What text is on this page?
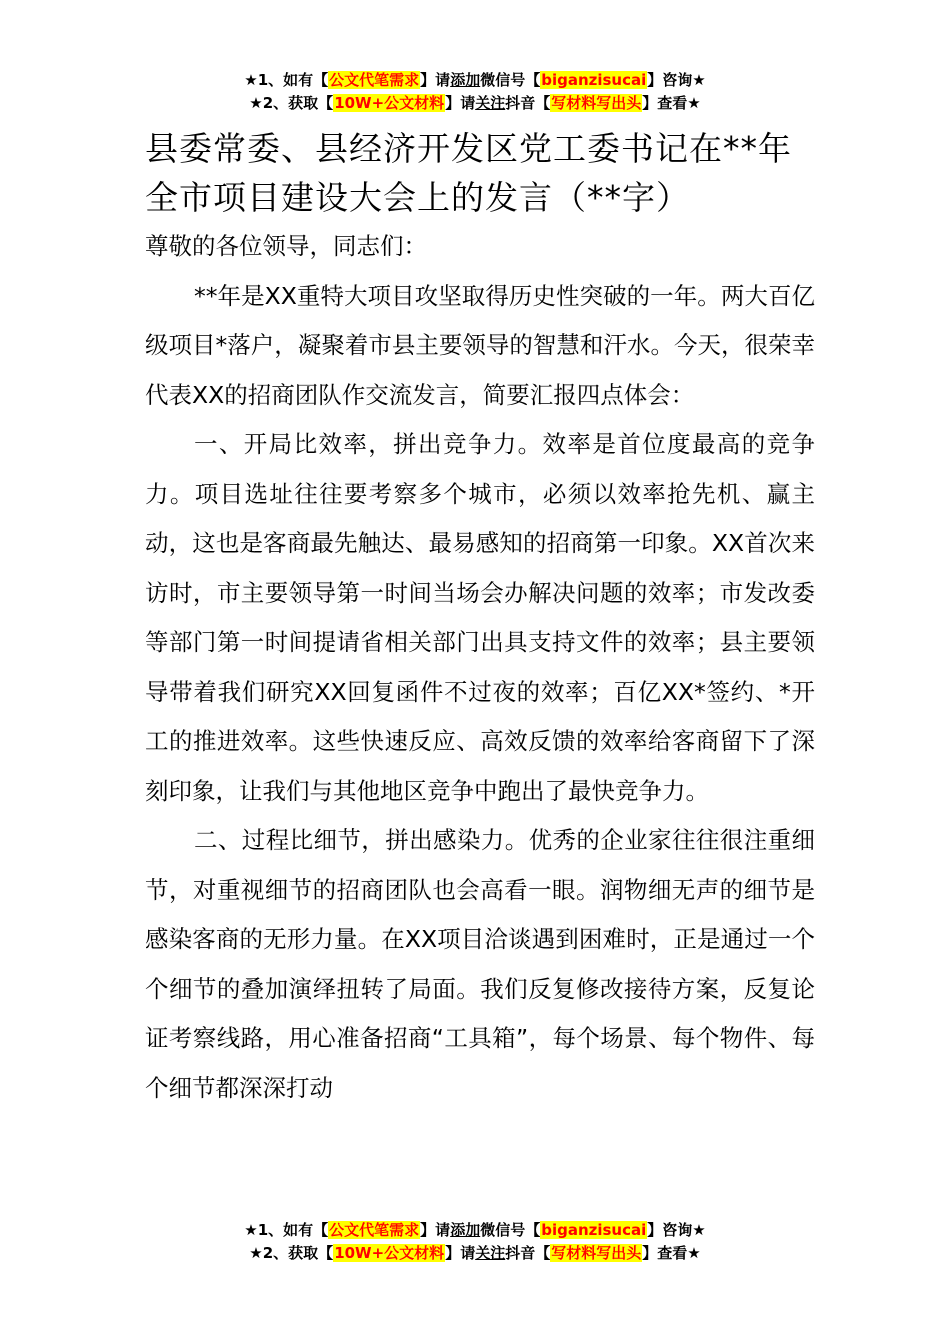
★1、如有【公文代笔需求】请添加微信号【biganzisucai】咨询★
★2、获取【10W+公文材料】请关注抖音【写材料写出头】查看★
县委常委、县经济开发区党工委书记在**年全市项目建设大会上的发言（**字）

尊敬的各位领导，同志们：

**年是XX重特大项目攻坚取得历史性突破的一年。两大百亿级项目*落户，凝聚着市县主要领导的智慧和汗水。今天，很荣幸代表XX的招商团队作交流发言，简要汇报四点体会：

一、开局比效率，拼出竞争力。效率是首位度最高的竞争力。项目选址往往要考察多个城市，必须以效率抢先机、赢主动，这也是客商最先触达、最易感知的招商第一印象。XX首次来访时，市主要领导第一时间当场会办解决问题的效率；市发改委等部门第一时间提请省相关部门出具支持文件的效率；县主要领导带着我们研究XX回复函件不过夜的效率；百亿XX*签约、*开工的推进效率。这些快速反应、高效反馈的效率给客商留下了深刻印象，让我们与其他地区竞争中跑出了最快竞争力。

二、过程比细节，拼出感染力。优秀的企业家往往很注重细节，对重视细节的招商团队也会高看一眼。润物细无声的细节是感染客商的无形力量。在XX项目洽谈遇到困难时，正是通过一个个细节的叠加演绎扭转了局面。我们反复修改接待方案，反复论证考察线路，用心准备招商“工具箱”，每个场景、每个物件、每个细节都深深打动

★1、如有【公文代笔需求】请添加微信号【biganzisucai】咨询★
★2、获取【10W+公文材料】请关注抖音【写材料写出头】查看★
